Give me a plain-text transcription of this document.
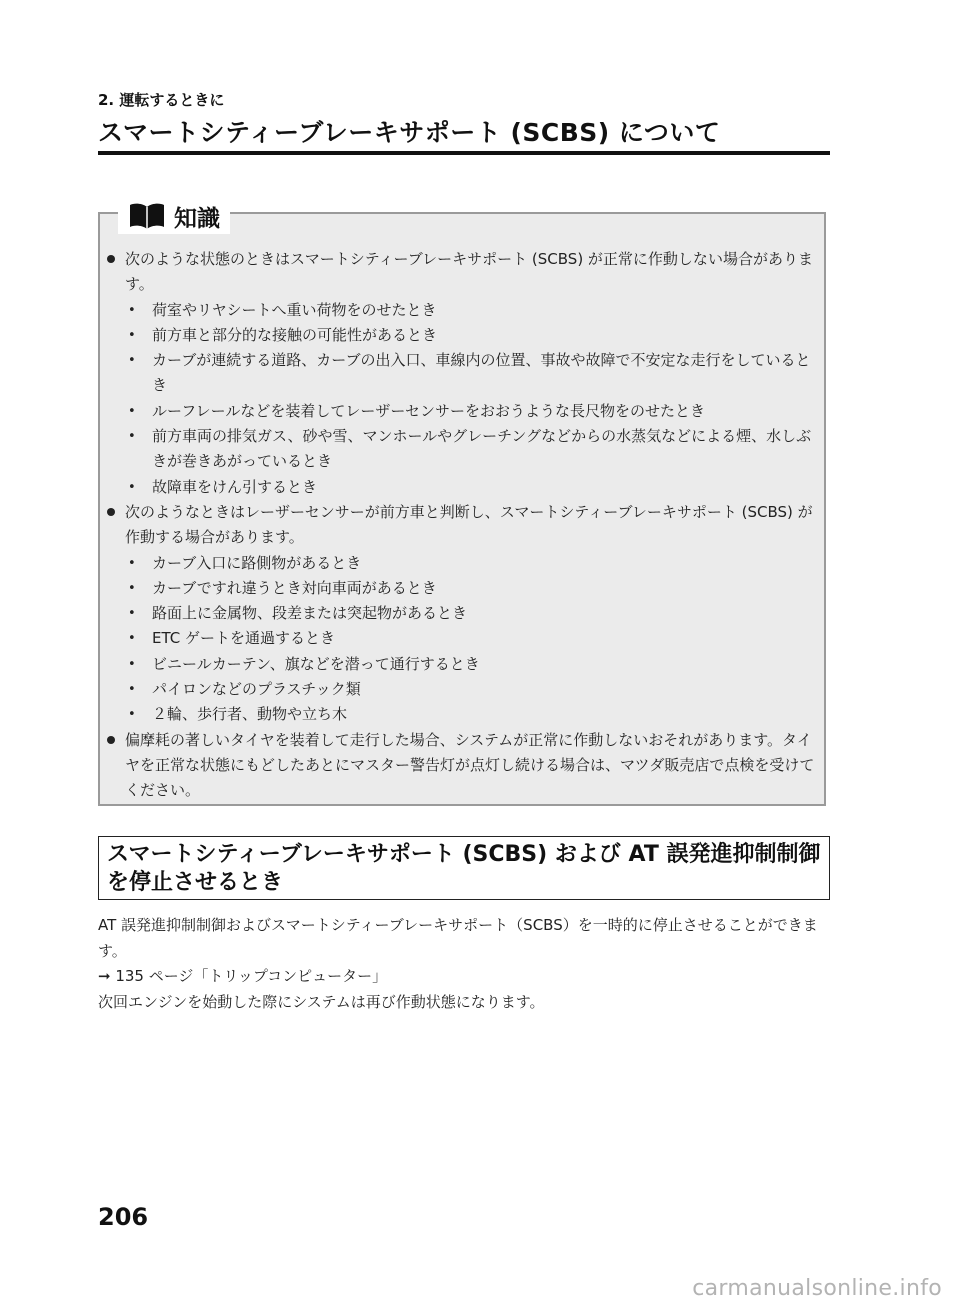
2. 運転するときに
スマートシティーブレーキサポート (SCBS) について
知識
次のような状態のときはスマートシティーブレーキサポート (SCBS) が正常に作動しない場合があります。
• 荷室やリヤシートへ重い荷物をのせたとき
• 前方車と部分的な接触の可能性があるとき
• カーブが連続する道路、カーブの出入口、車線内の位置、事故や故障で不安定な走行をしているとき
• ルーフレールなどを装着してレーザーセンサーをおおうような長尺物をのせたとき
• 前方車両の排気ガス、砂や雪、マンホールやグレーチングなどからの水蒸気などによる煙、水しぶきが巻きあがっているとき
• 故障車をけん引するとき
次のようなときはレーザーセンサーが前方車と判断し、スマートシティーブレーキサポート (SCBS) が作動する場合があります。
• カーブ入口に路側物があるとき
• カーブですれ違うとき対向車両があるとき
• 路面上に金属物、段差または突起物があるとき
• ETC ゲートを通過するとき
• ビニールカーテン、旗などを潜って通行するとき
• パイロンなどのプラスチック類
• ２輪、歩行者、動物や立ち木
偏摩耗の著しいタイヤを装着して走行した場合、システムが正常に作動しないおそれがあります。タイヤを正常な状態にもどしたあとにマスター警告灯が点灯し続ける場合は、マツダ販売店で点検を受けてください。
スマートシティーブレーキサポート (SCBS) および AT 誤発進抑制制御を停止させるとき
AT 誤発進抑制制御およびスマートシティーブレーキサポート（SCBS）を一時的に停止させることができます。
➞ 135 ページ「トリップコンピューター」
次回エンジンを始動した際にシステムは再び作動状態になります。
206
carmanualsonline.info
